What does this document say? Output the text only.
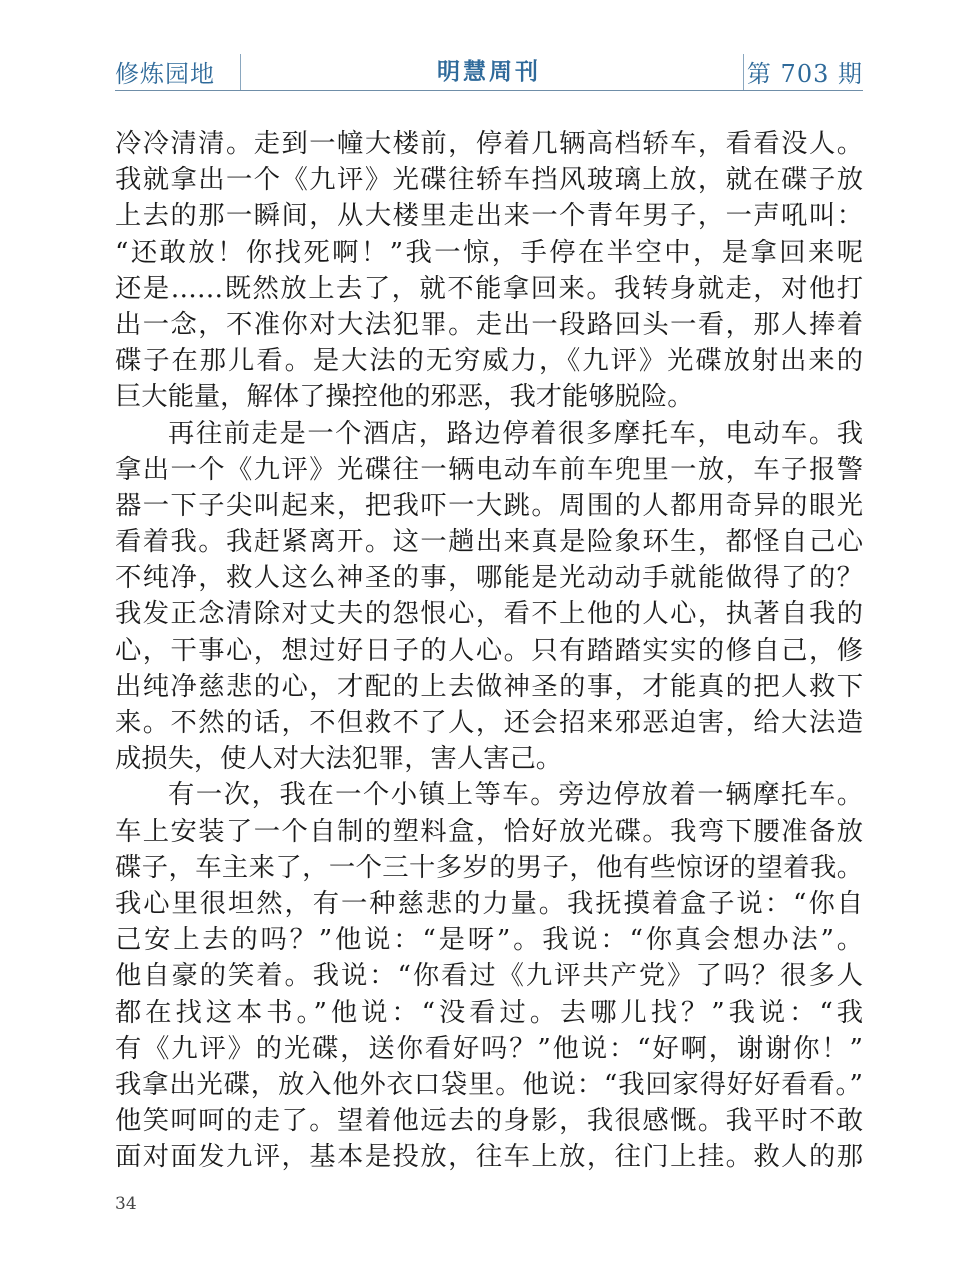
修炼园地	明慧周刊	第 703 期
冷冷清清。走到一幢大楼前，停着几辆高档轿车，看看没人。
我就拿出一个《九评》光碟往轿车挡风玻璃上放，就在碟子放
上去的那一瞬间，从大楼里走出来一个青年男子，一声吼叫：
“还敢放！你找死啊！”我一惊，手停在半空中，是拿回来呢
还是……既然放上去了，就不能拿回来。我转身就走，对他打
出一念，不准你对大法犯罪。走出一段路回头一看，那人捧着
碟子在那儿看。是大法的无穷威力，《九评》光碟放射出来的
巨大能量，解体了操控他的邪恶，我才能够脱险。
再往前走是一个酒店，路边停着很多摩托车，电动车。我
拿出一个《九评》光碟往一辆电动车前车兜里一放，车子报警
器一下子尖叫起来，把我吓一大跳。周围的人都用奇异的眼光
看着我。我赶紧离开。这一趟出来真是险象环生，都怪自己心
不纯净，救人这么神圣的事，哪能是光动动手就能做得了的？
我发正念清除对丈夫的怨恨心，看不上他的人心，执著自我的
心，干事心，想过好日子的人心。只有踏踏实实的修自己，修
出纯净慈悲的心，才配的上去做神圣的事，才能真的把人救下
来。不然的话，不但救不了人，还会招来邪恶迫害，给大法造
成损失，使人对大法犯罪，害人害己。
有一次，我在一个小镇上等车。旁边停放着一辆摩托车。
车上安装了一个自制的塑料盒，恰好放光碟。我弯下腰准备放
碟子，车主来了，一个三十多岁的男子，他有些惊讶的望着我。
我心里很坦然，有一种慈悲的力量。我抚摸着盒子说：“你自
己安上去的吗？”他说：“是呀”。我说：“你真会想办法”。
他自豪的笑着。我说：“你看过《九评共产党》了吗？很多人
都在找这本书。”他说：“没看过。去哪儿找？”我说：“我
有《九评》的光碟，送你看好吗？”他说：“好啊，谢谢你！”
我拿出光碟，放入他外衣口袋里。他说：“我回家得好好看看。”
他笑呵呵的走了。望着他远去的身影，我很感慨。我平时不敢
面对面发九评，基本是投放，往车上放，往门上挂。救人的那
34
